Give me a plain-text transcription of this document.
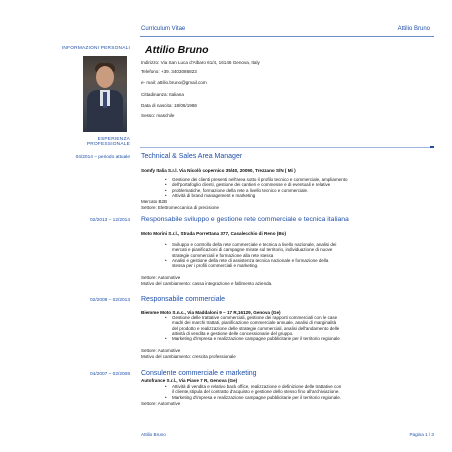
Curriculum Vitae	Attilio Bruno
INFORMAZIONI PERSONALI Attilio Bruno
Indirizzo: Via San Luca d'Albaro 61/4, 16146 Genova, Italy
Telefono: +39. 3403086823
e- mail: attilio.bruno@gmail.com
Cittadinanza: Italiana
Data di nascita: 18/06/1986
Sesso: maschile
ESPERIENZA
PROFESSIONALE
04/2014 – periodo attuale Technical & Sales Area Manager
Somfy Italia S.r.l. Via Nicolò copernico 35/40, 20090, Trezzano S/N ( Mi )
• Gestione dei clienti presenti nell'area sotto il profilo tecnico e commerciale, ampliamento
• dell'portafoglio clienti, gestione dei cantieri e commesse e di eventuali e relative
• problematiche, formazione della rete a livello tecnico e commerciale.
• Attività di brand management e marketing
Mercato B2B
Settore: Elettromeccanica di precisione
02/2013 – 12/2014 Responsabile sviluppo e gestione rete commerciale e tecnica italiana
Moto Morini S.r.l., Strada Porrettana 377, Casalecchio di Reno (Bo)
• Sviluppo e controllo della rete commerciale e tecnica a livello nazionale, analisi dei
mercati e pianificazioni di campagne mirate sul territorio, individuazione di nuove
strategie commerciali e formazione alla rete stessa
• Analisi e gestione della rete di assistenza tecnica nazionale e formazione della
stessa per i profili commerciali e marketing.
Settore: Automotive
Motivo del cambiamento: cassa integrazione e fallimento azienda.
02/2008 – 02/2013 Responsabile commerciale
Biemme Moto S.n.c., Via Maddaloni 9 – 17 R,16129, Genova (Ge)
• Gestione delle trattative commerciali, gestione dei rapporti commerciali con le case
madri dei marchi trattati, pianificazione commerciale annuale, analisi di marginalità
del prodotto e realizzazione delle strategie commerciali, analisi dell'andamento delle
attività di vendita e gestione delle concessionarie del gruppo.
• Marketing d'impresa e realizzazione campagne pubblicitarie per il territorio regionale
Settore: Automotive
Motivo del cambiamento: crescita professionale
04/2007 – 02/2008 Consulente commerciale e marketing
Autofrance S.r.l., Via Piave 7 R, Genova (Ge)
• Attività di vendita e relativo back office, realizzazione e definizione delle trattative con
il cliente,stipula del contratto d'acquisto e gestione dello stesso fino all'archiviazione.
• Marketing d'impresa e realizzazione campagne pubblicitarie per il territorio regionale.
Settore: Automotive
Attilio Bruno	Pagina 1 / 3
